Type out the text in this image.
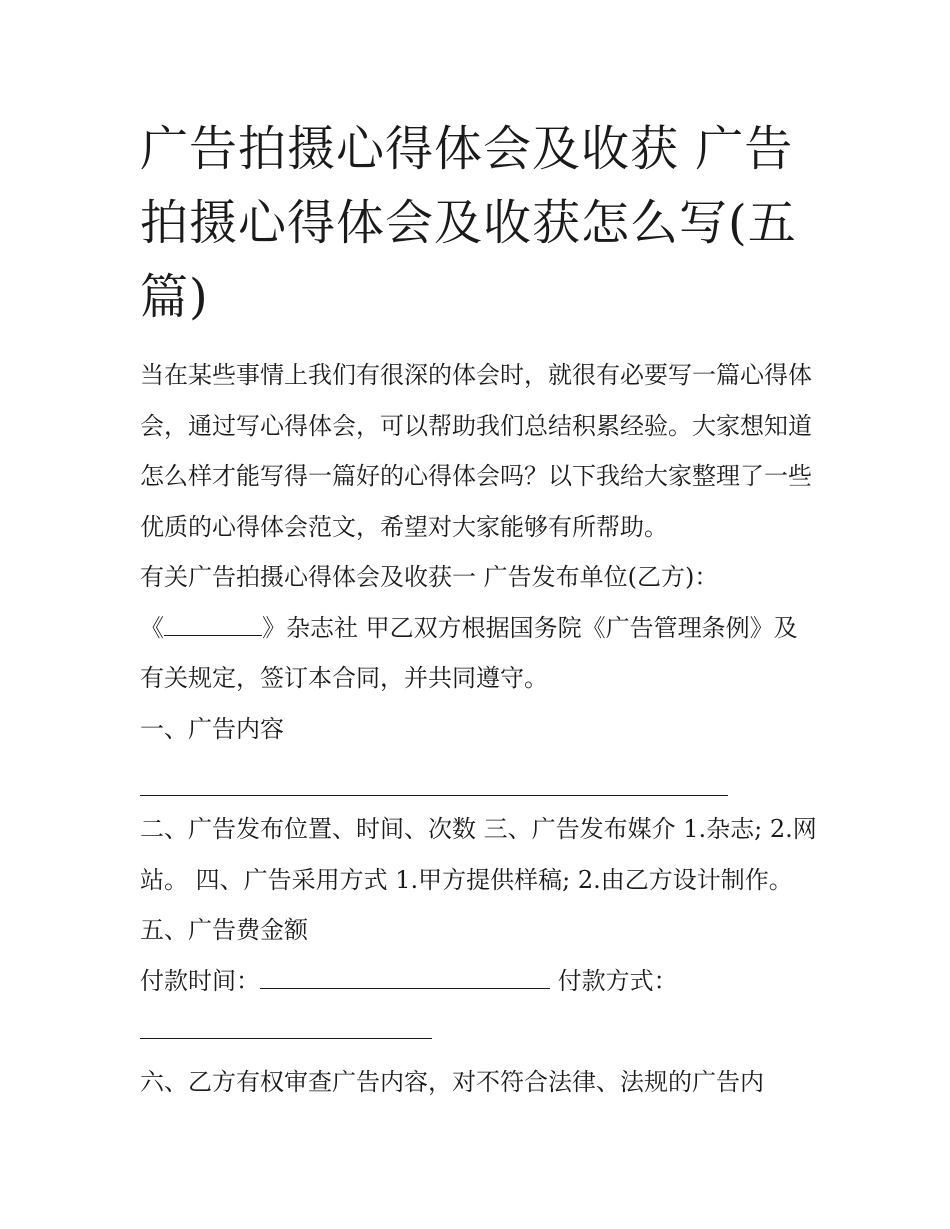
广告拍摄心得体会及收获 广告拍摄心得体会及收获怎么写(五篇)

当在某些事情上我们有很深的体会时，就很有必要写一篇心得体会，通过写心得体会，可以帮助我们总结积累经验。大家想知道怎么样才能写得一篇好的心得体会吗？以下我给大家整理了一些优质的心得体会范文，希望对大家能够有所帮助。

有关广告拍摄心得体会及收获一 广告发布单位(乙方)：

《	》杂志社 甲乙双方根据国务院《广告管理条例》及有关规定，签订本合同，并共同遵守。

一、广告内容

二、广告发布位置、时间、次数 三、广告发布媒介 1.杂志; 2.网站。 四、广告采用方式 1.甲方提供样稿; 2.由乙方设计制作。 五、广告费金额

付款时间：	付款方式：

六、乙方有权审查广告内容，对不符合法律、法规的广告内
